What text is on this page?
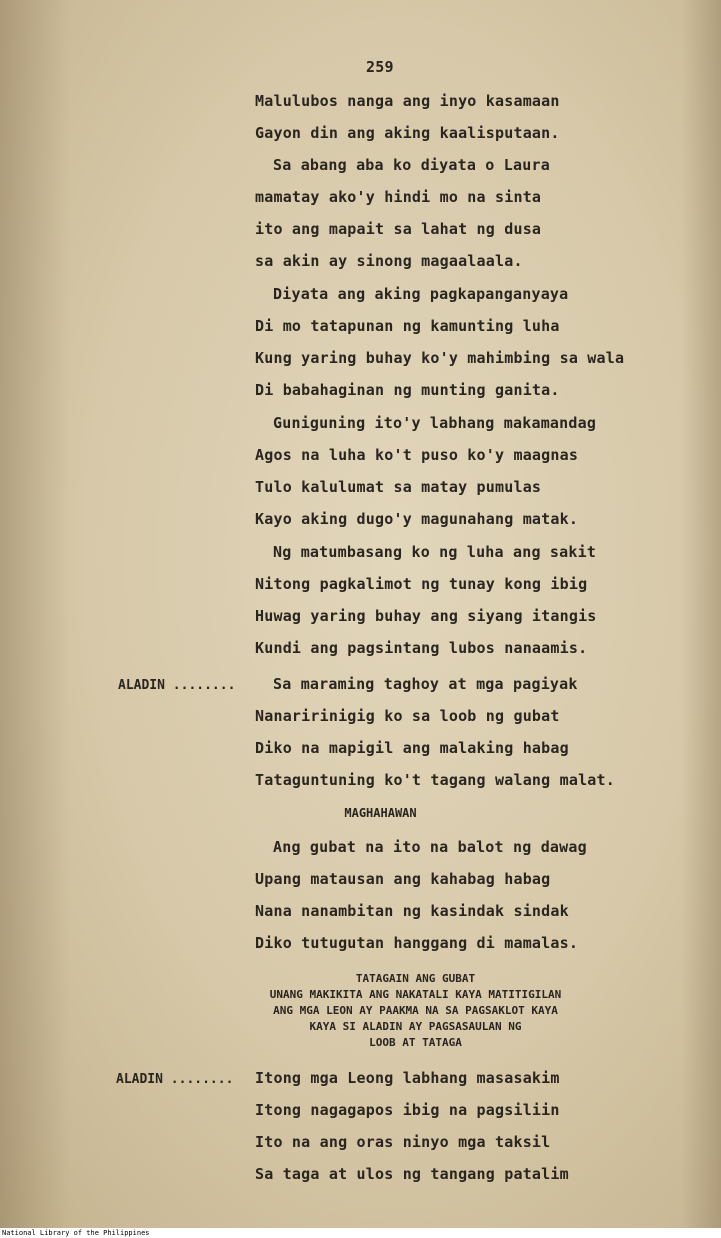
259
Malulubos nanga ang inyo kasamaan
Gayon din ang aking kaalisputaan.
Sa abang aba ko diyata o Laura
mamatay ako'y hindi mo na sinta
ito ang mapait sa lahat ng dusa
sa akin ay sinong magaalaala.
Diyata ang aking pagkapanganyaya
Di mo tatapunan ng kamunting luha
Kung yaring buhay ko'y mahimbing sa wala
Di babahaginan ng munting ganita.
Guniguning ito'y labhang makamandag
Agos na luha ko't puso ko'y maagnas
Tulo kalulumat sa matay pumulas
Kayo aking dugo'y magunahang matak.
Ng matumbasang ko ng luha ang sakit
Nitong pagkalimot ng tunay kong ibig
Huwag yaring buhay ang siyang itangis
Kundi ang pagsintang lubos nanaamis.
ALADIN ........	Sa maraming taghoy at mga pagiyak
Nanaririnigig ko sa loob ng gubat
Diko na mapigil ang malaking habag
Tataguntuning ko't tagang walang malat.
MAGHAHAWAN
Ang gubat na ito na balot ng dawag
Upang matausan ang kahabag habag
Nana nanambitan ng kasindak sindak
Diko tutugutan hanggang di mamalas.
TATAGAIN ANG GUBAT
UNANG MAKIKITA ANG NAKATALI KAYA MATITIGILAN
ANG MGA LEON AY PAAKMA NA SA PAGSAKLOT KAYA
KAYA SI ALADIN AY PAGSASAULAN NG
LOOB AT TATAGA
ALADIN ........ Itong mga Leong labhang masasakim
Itong nagagapos ibig na pagsiliin
Ito na ang oras ninyo mga taksil
Sa taga at ulos ng tangang patalim
National Library of the Philippines
